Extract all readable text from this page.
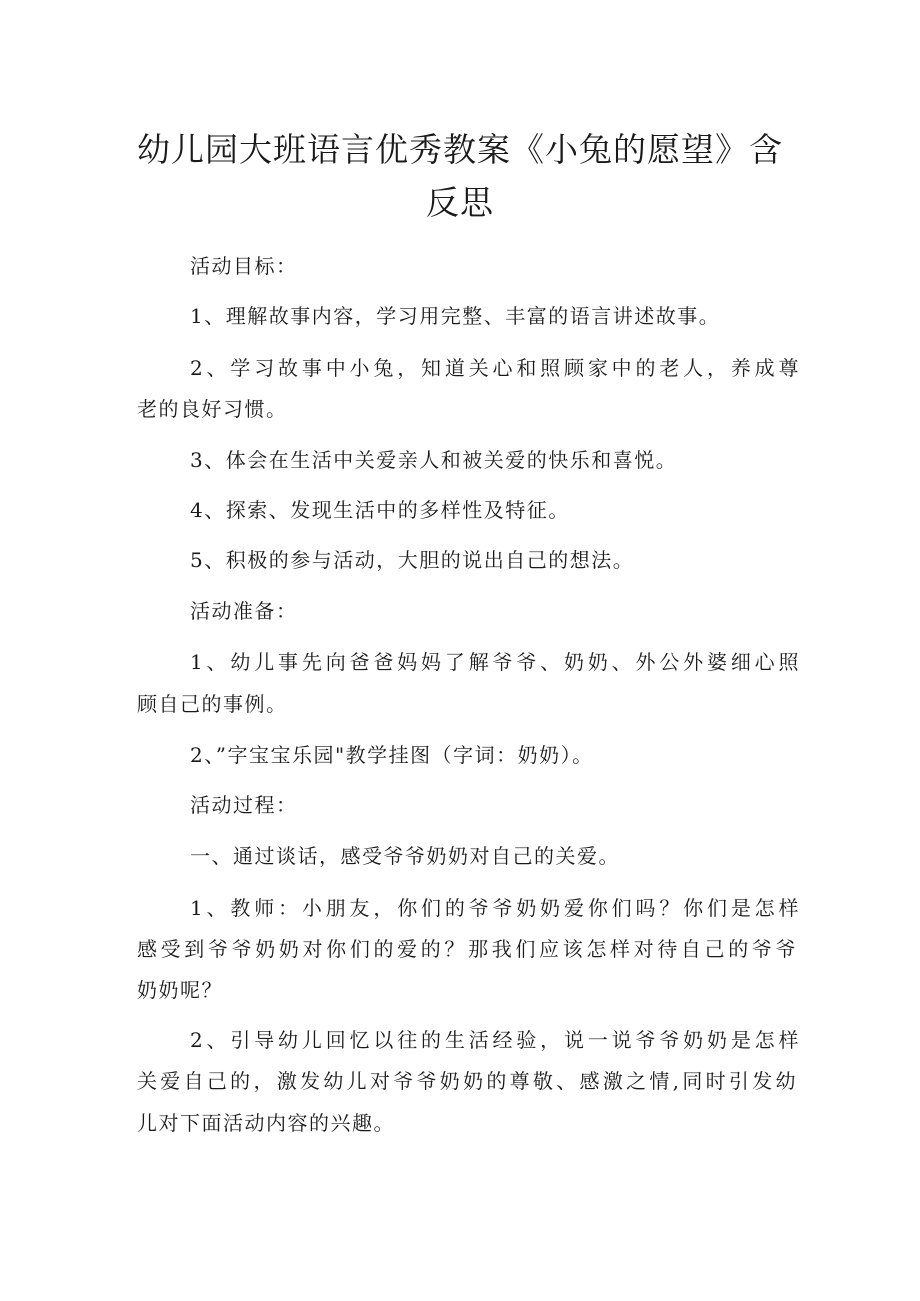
幼儿园大班语言优秀教案《小兔的愿望》含
反思
活动目标：
1、理解故事内容，学习用完整、丰富的语言讲述故事。
2、学习故事中小兔，知道关心和照顾家中的老人，养成尊
老的良好习惯。
3、体会在生活中关爱亲人和被关爱的快乐和喜悦。
4、探索、发现生活中的多样性及特征。
5、积极的参与活动，大胆的说出自己的想法。
活动准备：
1、幼儿事先向爸爸妈妈了解爷爷、奶奶、外公外婆细心照
顾自己的事例。
2、”字宝宝乐园"教学挂图（字词：奶奶）。
活动过程：
一、通过谈话，感受爷爷奶奶对自己的关爱。
1、教师：小朋友，你们的爷爷奶奶爱你们吗？你们是怎样
感受到爷爷奶奶对你们的爱的？那我们应该怎样对待自己的爷爷
奶奶呢？
2、引导幼儿回忆以往的生活经验，说一说爷爷奶奶是怎样
关爱自己的，激发幼儿对爷爷奶奶的尊敬、感激之情,同时引发幼
儿对下面活动内容的兴趣。
